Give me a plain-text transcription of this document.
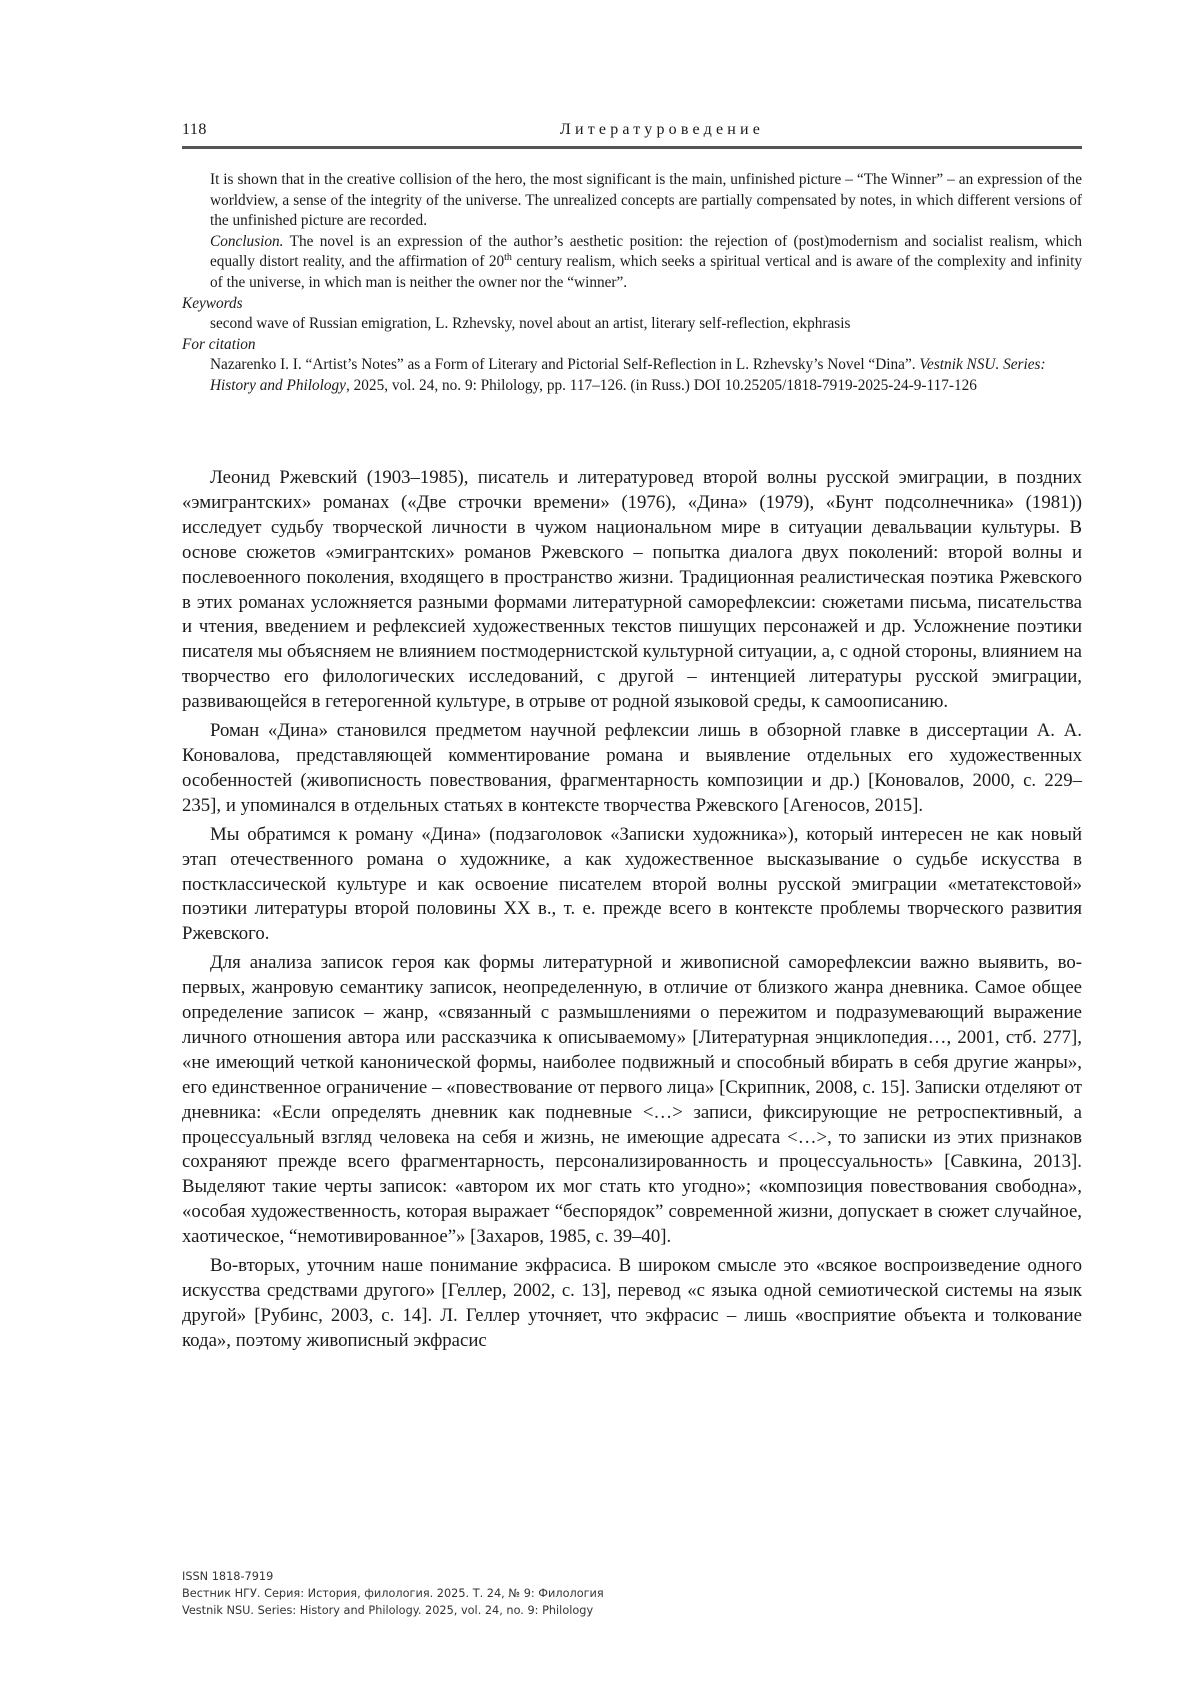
118	Литературоведение

It is shown that in the creative collision of the hero, the most significant is the main, unfinished picture – “The Winner” – an expression of the worldview, a sense of the integrity of the universe. The unrealized concepts are partially compensated by notes, in which different versions of the unfinished picture are recorded.

Conclusion. The novel is an expression of the author’s aesthetic position: the rejection of (post)modernism and socialist realism, which equally distort reality, and the affirmation of 20th century realism, which seeks a spiritual vertical and is aware of the complexity and infinity of the universe, in which man is neither the owner nor the “winner”.

Keywords

second wave of Russian emigration, L. Rzhevsky, novel about an artist, literary self-reflection, ekphrasis

For citation

Nazarenko I. I. “Artist’s Notes” as a Form of Literary and Pictorial Self-Reflection in L. Rzhevsky’s Novel “Dina”. Vestnik NSU. Series: History and Philology, 2025, vol. 24, no. 9: Philology, pp. 117–126. (in Russ.) DOI 10.25205/1818-7919-2025-24-9-117-126

Леонид Ржевский (1903–1985), писатель и литературовед второй волны русской эмиграции, в поздних «эмигрантских» романах («Две строчки времени» (1976), «Дина» (1979), «Бунт подсолнечника» (1981)) исследует судьбу творческой личности в чужом национальном мире в ситуации девальвации культуры. В основе сюжетов «эмигрантских» романов Ржевского – попытка диалога двух поколений: второй волны и послевоенного поколения, входящего в пространство жизни. Традиционная реалистическая поэтика Ржевского в этих романах усложняется разными формами литературной саморефлексии: сюжетами письма, писательства и чтения, введением и рефлексией художественных текстов пишущих персонажей и др. Усложнение поэтики писателя мы объясняем не влиянием постмодернистской культурной ситуации, а, с одной стороны, влиянием на творчество его филологических исследований, с другой – интенцией литературы русской эмиграции, развивающейся в гетерогенной культуре, в отрыве от родной языковой среды, к самоописанию.

Роман «Дина» становился предметом научной рефлексии лишь в обзорной главке в диссертации А. А. Коновалова, представляющей комментирование романа и выявление отдельных его художественных особенностей (живописность повествования, фрагментарность композиции и др.) [Коновалов, 2000, с. 229–235], и упоминался в отдельных статьях в контексте творчества Ржевского [Агеносов, 2015].

Мы обратимся к роману «Дина» (подзаголовок «Записки художника»), который интересен не как новый этап отечественного романа о художнике, а как художественное высказывание о судьбе искусства в постклассической культуре и как освоение писателем второй волны русской эмиграции «метатекстовой» поэтики литературы второй половины XX в., т. е. прежде всего в контексте проблемы творческого развития Ржевского.

Для анализа записок героя как формы литературной и живописной саморефлексии важно выявить, во-первых, жанровую семантику записок, неопределенную, в отличие от близкого жанра дневника. Самое общее определение записок – жанр, «связанный с размышлениями о пережитом и подразумевающий выражение личного отношения автора или рассказчика к описываемому» [Литературная энциклопедия…, 2001, стб. 277], «не имеющий четкой канонической формы, наиболее подвижный и способный вбирать в себя другие жанры», его единственное ограничение – «повествование от первого лица» [Скрипник, 2008, с. 15]. Записки отделяют от дневника: «Если определять дневник как подневные <…> записи, фиксирующие не ретроспективный, а процессуальный взгляд человека на себя и жизнь, не имеющие адресата <…>, то записки из этих признаков сохраняют прежде всего фрагментарность, персонализированность и процессуальность» [Савкина, 2013]. Выделяют такие черты записок: «автором их мог стать кто угодно»; «композиция повествования свободна», «особая художественность, которая выражает “беспорядок” современной жизни, допускает в сюжет случайное, хаотическое, “немотивированное”» [Захаров, 1985, с. 39–40].

Во-вторых, уточним наше понимание экфрасиса. В широком смысле это «всякое воспроизведение одного искусства средствами другого» [Геллер, 2002, с. 13], перевод «с языка одной семиотической системы на язык другой» [Рубинс, 2003, с. 14]. Л. Геллер уточняет, что экфрасис – лишь «восприятие объекта и толкование кода», поэтому живописный экфрасис

ISSN 1818-7919
Вестник НГУ. Серия: История, филология. 2025. Т. 24, № 9: Филология
Vestnik NSU. Series: History and Philology. 2025, vol. 24, no. 9: Philology
